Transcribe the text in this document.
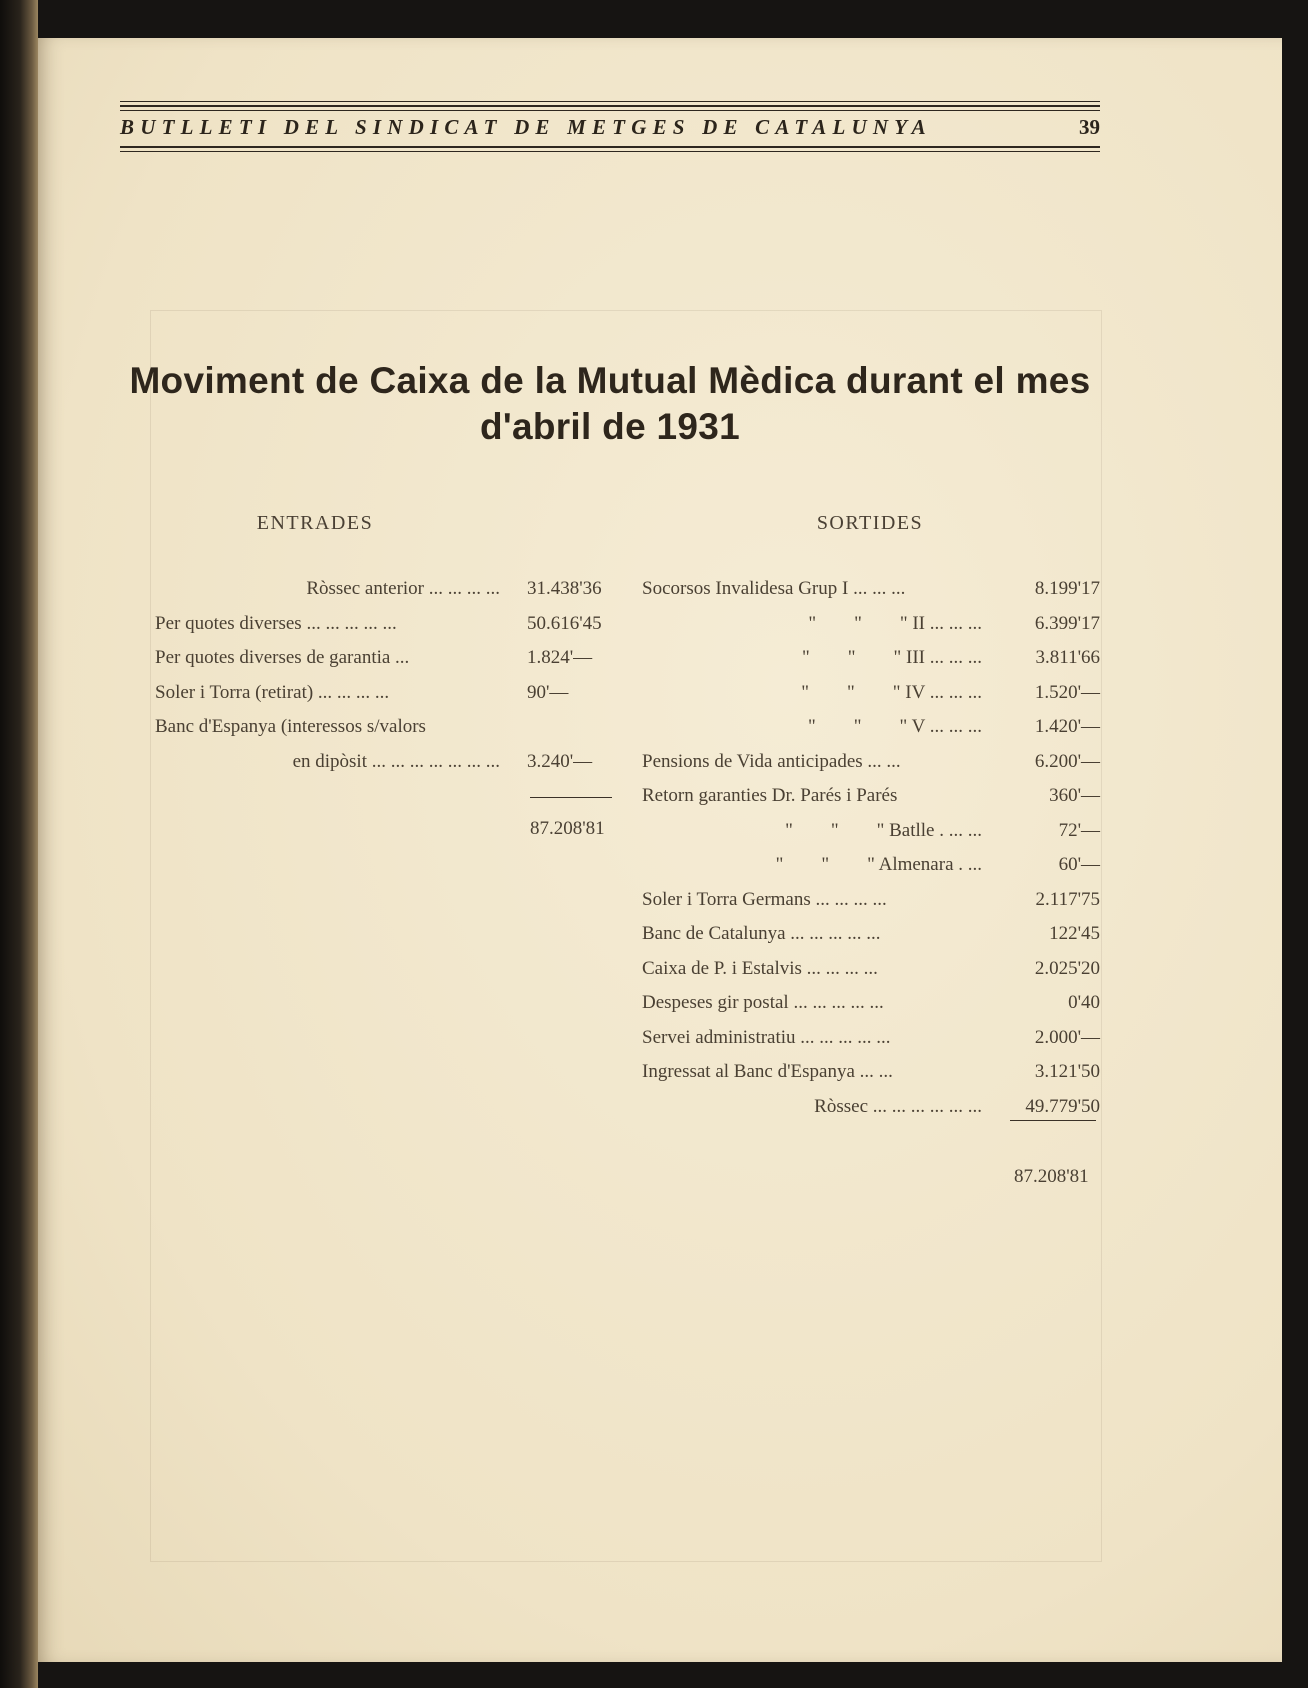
BUTLLETI DEL SINDICAT DE METGES DE CATALUNYA	39
Moviment de Caixa de la Mutual Mèdica durant el mes d'abril de 1931
ENTRADES	SORTIDES
Ròssec anterior ... ... ... ... 31.438'36
Per quotes diverses ... ... ... ... ...	50.616'45
Per quotes diverses de garantia ...	1.824'—
Soler i Torra (retirat) ... ... ... ...	90'—
Banc d'Espanya (interessos s/valors
en dipòsit ... ... ... ... ... ... ... 3.240'—
87.208'81
Socorsos Invalidesa Grup I ... ... ...	8.199'17
"        "        " II ... ... ...	6.399'17
"        "        " III ... ... ...	3.811'66
"        "        " IV ... ... ...	1.520'—
"        "        " V ... ... ...	1.420'—
Pensions de Vida anticipades ... ...	6.200'—
Retorn garanties Dr. Parés i Parés	360'—
"        "        " Batlle . ... ...	72'—
"        "        " Almenara . ...	60'—
Soler i Torra Germans ... ... ... ...	2.117'75
Banc de Catalunya ... ... ... ... ...	122'45
Caixa de P. i Estalvis ... ... ... ...	2.025'20
Despeses gir postal ... ... ... ... ...	0'40
Servei administratiu ... ... ... ... ...	2.000'—
Ingressat al Banc d'Espanya ... ...	3.121'50
Ròssec ... ... ... ... ... ... 49.779'50
87.208'81
